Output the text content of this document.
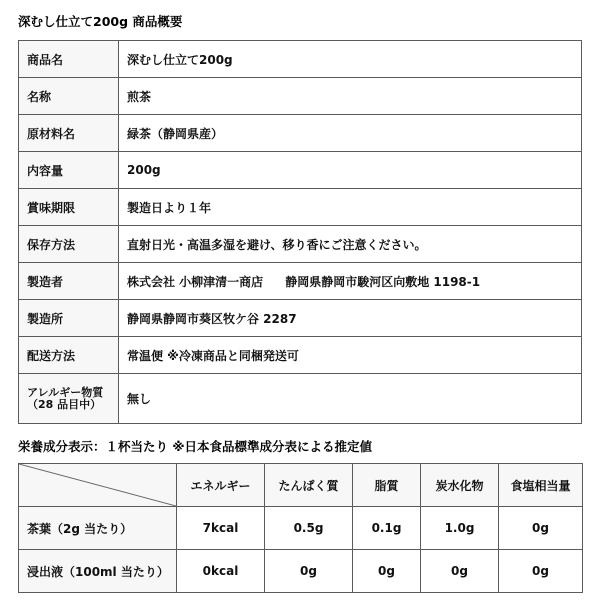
深むし仕立て200g 商品概要
商品名	深むし仕立て200g
名称	煎茶
原材料名	緑茶（静岡県産）
内容量	200g
賞味期限	製造日より１年
保存方法	直射日光・高温多湿を避け、移り香にご注意ください。
製造者	株式会社 小柳津清一商店 静岡県静岡市駿河区向敷地 1198-1
製造所	静岡県静岡市葵区牧ケ谷 2287
配送方法	常温便 ※冷凍商品と同梱発送可

アレルギー物質
（28 品目中）	無し
栄養成分表示：１杯当たり ※日本食品標準成分表による推定値
	エネルギー	たんぱく質	脂質	炭水化物	食塩相当量
茶葉（2g 当たり）	7kcal	0.5g	0.1g	1.0g	0g
浸出液（100ml 当たり）	0kcal	0g	0g	0g	0g
